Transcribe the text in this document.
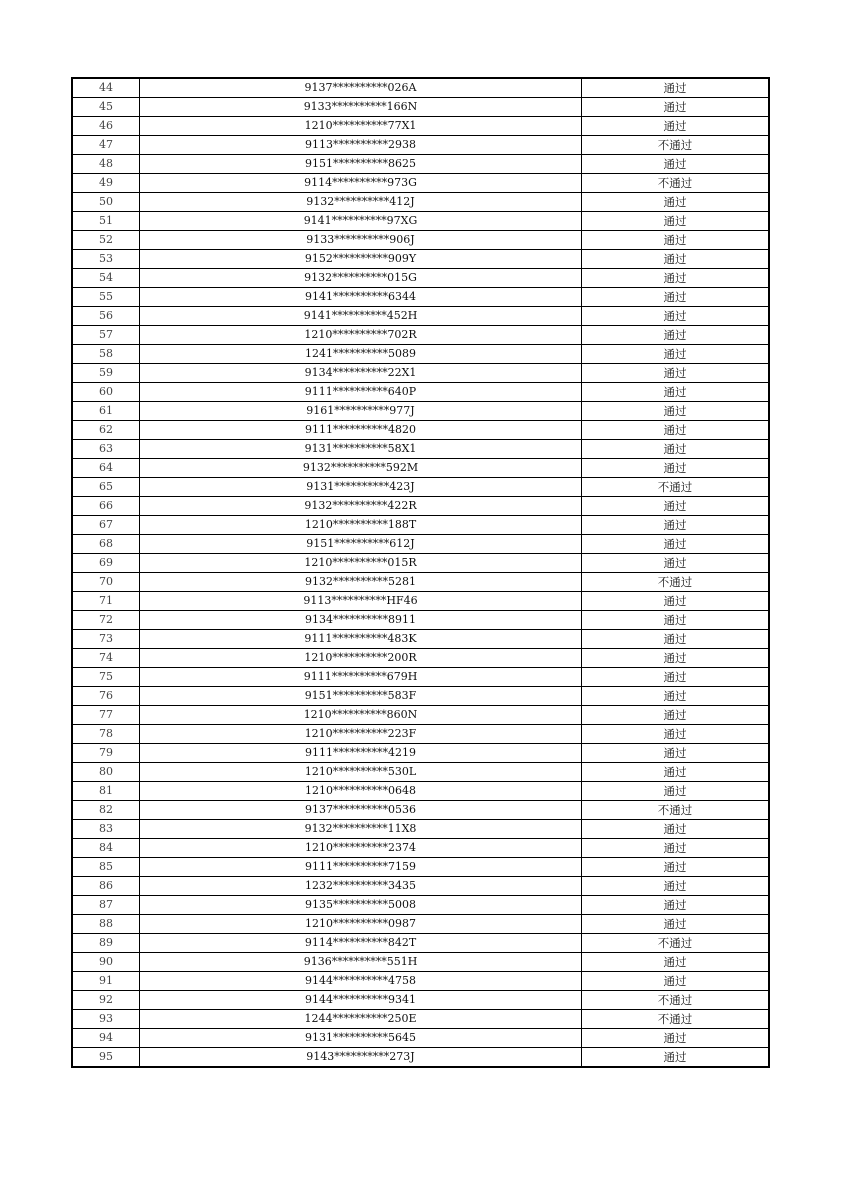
44	9137**********026A	通过
45	9133**********166N	通过
46	1210**********77X1	通过
47	9113**********2938	不通过
48	9151**********8625	通过
49	9114**********973G	不通过
50	9132**********412J	通过
51	9141**********97XG	通过
52	9133**********906J	通过
53	9152**********909Y	通过
54	9132**********015G	通过
55	9141**********6344	通过
56	9141**********452H	通过
57	1210**********702R	通过
58	1241**********5089	通过
59	9134**********22X1	通过
60	9111**********640P	通过
61	9161**********977J	通过
62	9111**********4820	通过
63	9131**********58X1	通过
64	9132**********592M	通过
65	9131**********423J	不通过
66	9132**********422R	通过
67	1210**********188T	通过
68	9151**********612J	通过
69	1210**********015R	通过
70	9132**********5281	不通过
71	9113**********HF46	通过
72	9134**********8911	通过
73	9111**********483K	通过
74	1210**********200R	通过
75	9111**********679H	通过
76	9151**********583F	通过
77	1210**********860N	通过
78	1210**********223F	通过
79	9111**********4219	通过
80	1210**********530L	通过
81	1210**********0648	通过
82	9137**********0536	不通过
83	9132**********11X8	通过
84	1210**********2374	通过
85	9111**********7159	通过
86	1232**********3435	通过
87	9135**********5008	通过
88	1210**********0987	通过
89	9114**********842T	不通过
90	9136**********551H	通过
91	9144**********4758	通过
92	9144**********9341	不通过
93	1244**********250E	不通过
94	9131**********5645	通过
95	9143**********273J	通过
